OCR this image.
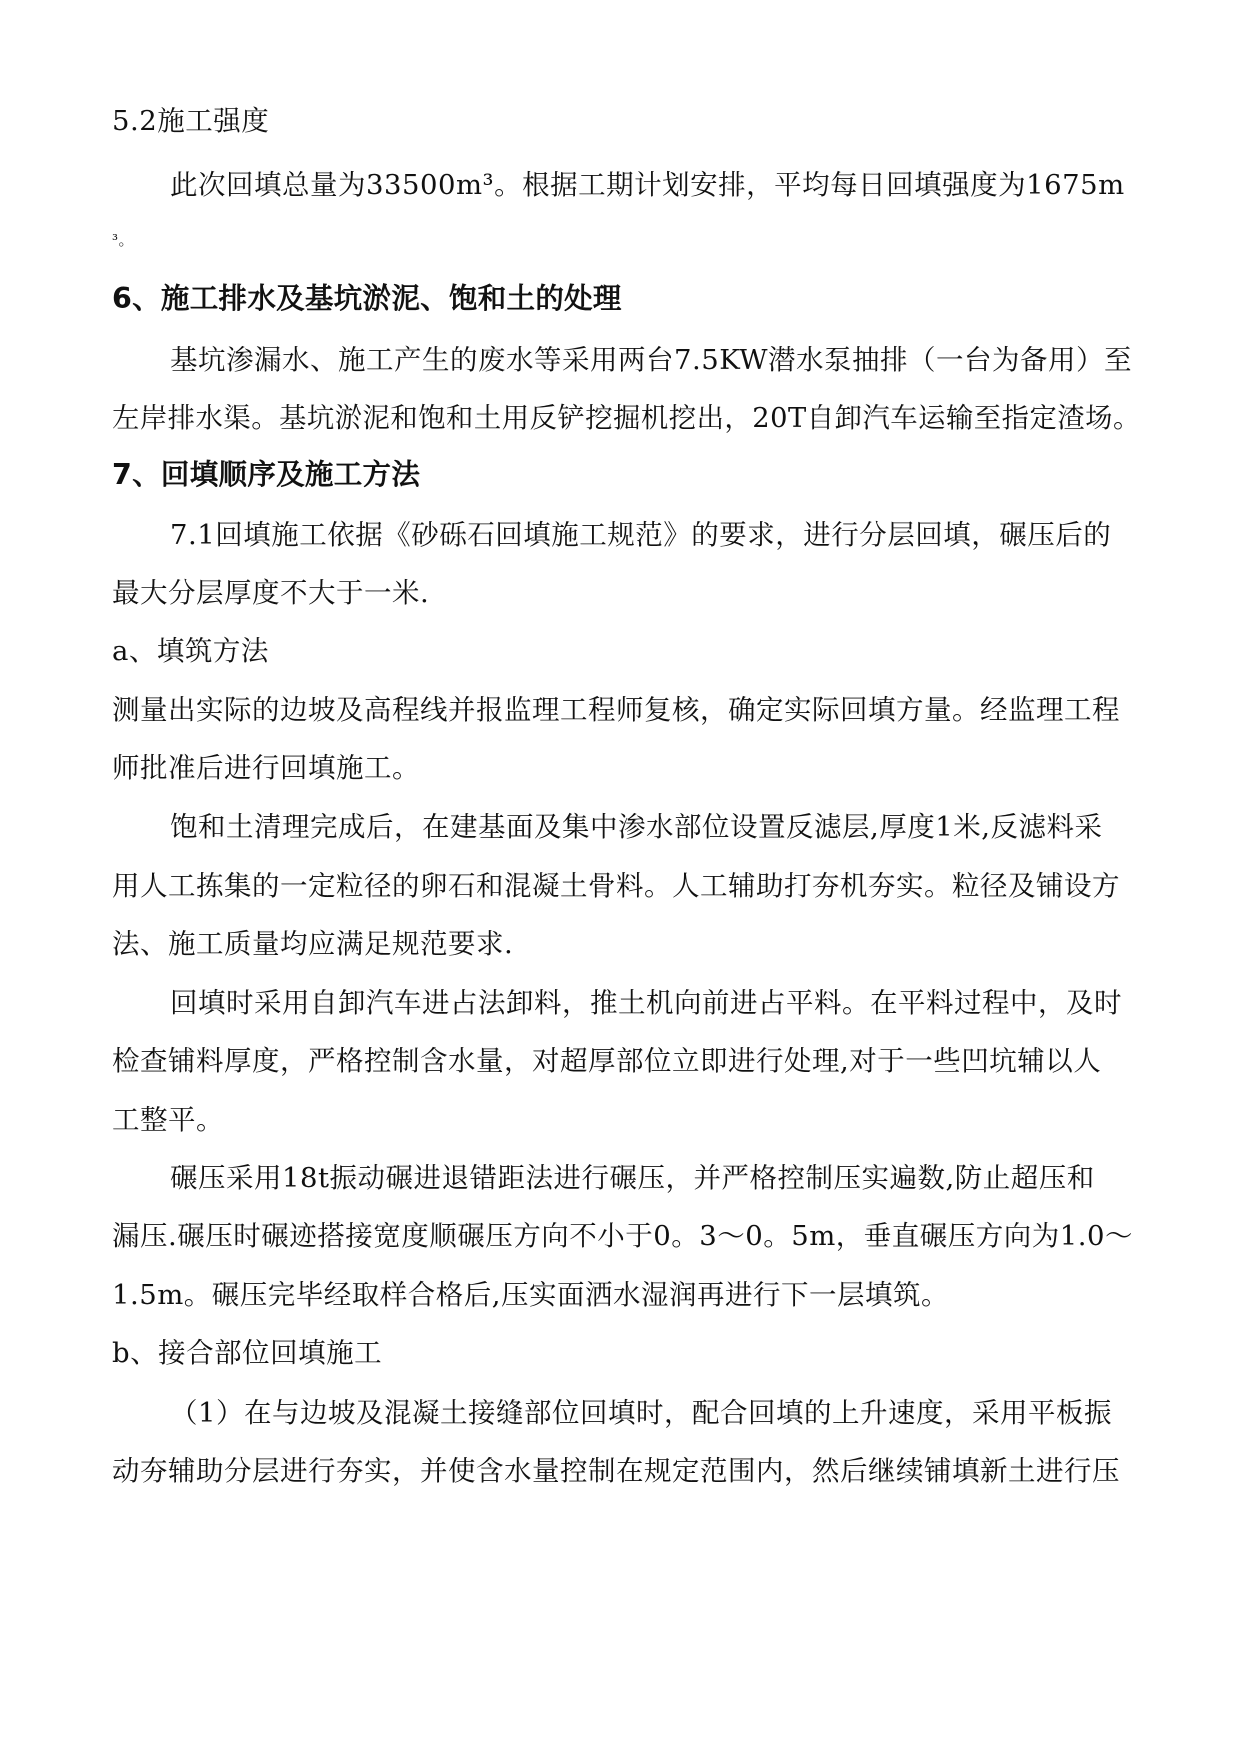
5.2施工强度
此次回填总量为33500m³。根据工期计划安排，平均每日回填强度为1675m
³。
6、施工排水及基坑淤泥、饱和土的处理
基坑渗漏水、施工产生的废水等采用两台7.5KW潜水泵抽排（一台为备用）至
左岸排水渠。基坑淤泥和饱和土用反铲挖掘机挖出，20T自卸汽车运输至指定渣场。
7、回填顺序及施工方法
7.1回填施工依据《砂砾石回填施工规范》的要求，进行分层回填，碾压后的
最大分层厚度不大于一米.
a、填筑方法
测量出实际的边坡及高程线并报监理工程师复核，确定实际回填方量。经监理工程
师批准后进行回填施工。
饱和土清理完成后，在建基面及集中渗水部位设置反滤层,厚度1米,反滤料采
用人工拣集的一定粒径的卵石和混凝土骨料。人工辅助打夯机夯实。粒径及铺设方
法、施工质量均应满足规范要求.
回填时采用自卸汽车进占法卸料，推土机向前进占平料。在平料过程中，及时
检查铺料厚度，严格控制含水量，对超厚部位立即进行处理,对于一些凹坑辅以人
工整平。
碾压采用18t振动碾进退错距法进行碾压，并严格控制压实遍数,防止超压和
漏压.碾压时碾迹搭接宽度顺碾压方向不小于0。3～0。5m，垂直碾压方向为1.0～
1.5m。碾压完毕经取样合格后,压实面洒水湿润再进行下一层填筑。
b、接合部位回填施工
（1）在与边坡及混凝土接缝部位回填时，配合回填的上升速度，采用平板振
动夯辅助分层进行夯实，并使含水量控制在规定范围内，然后继续铺填新土进行压
